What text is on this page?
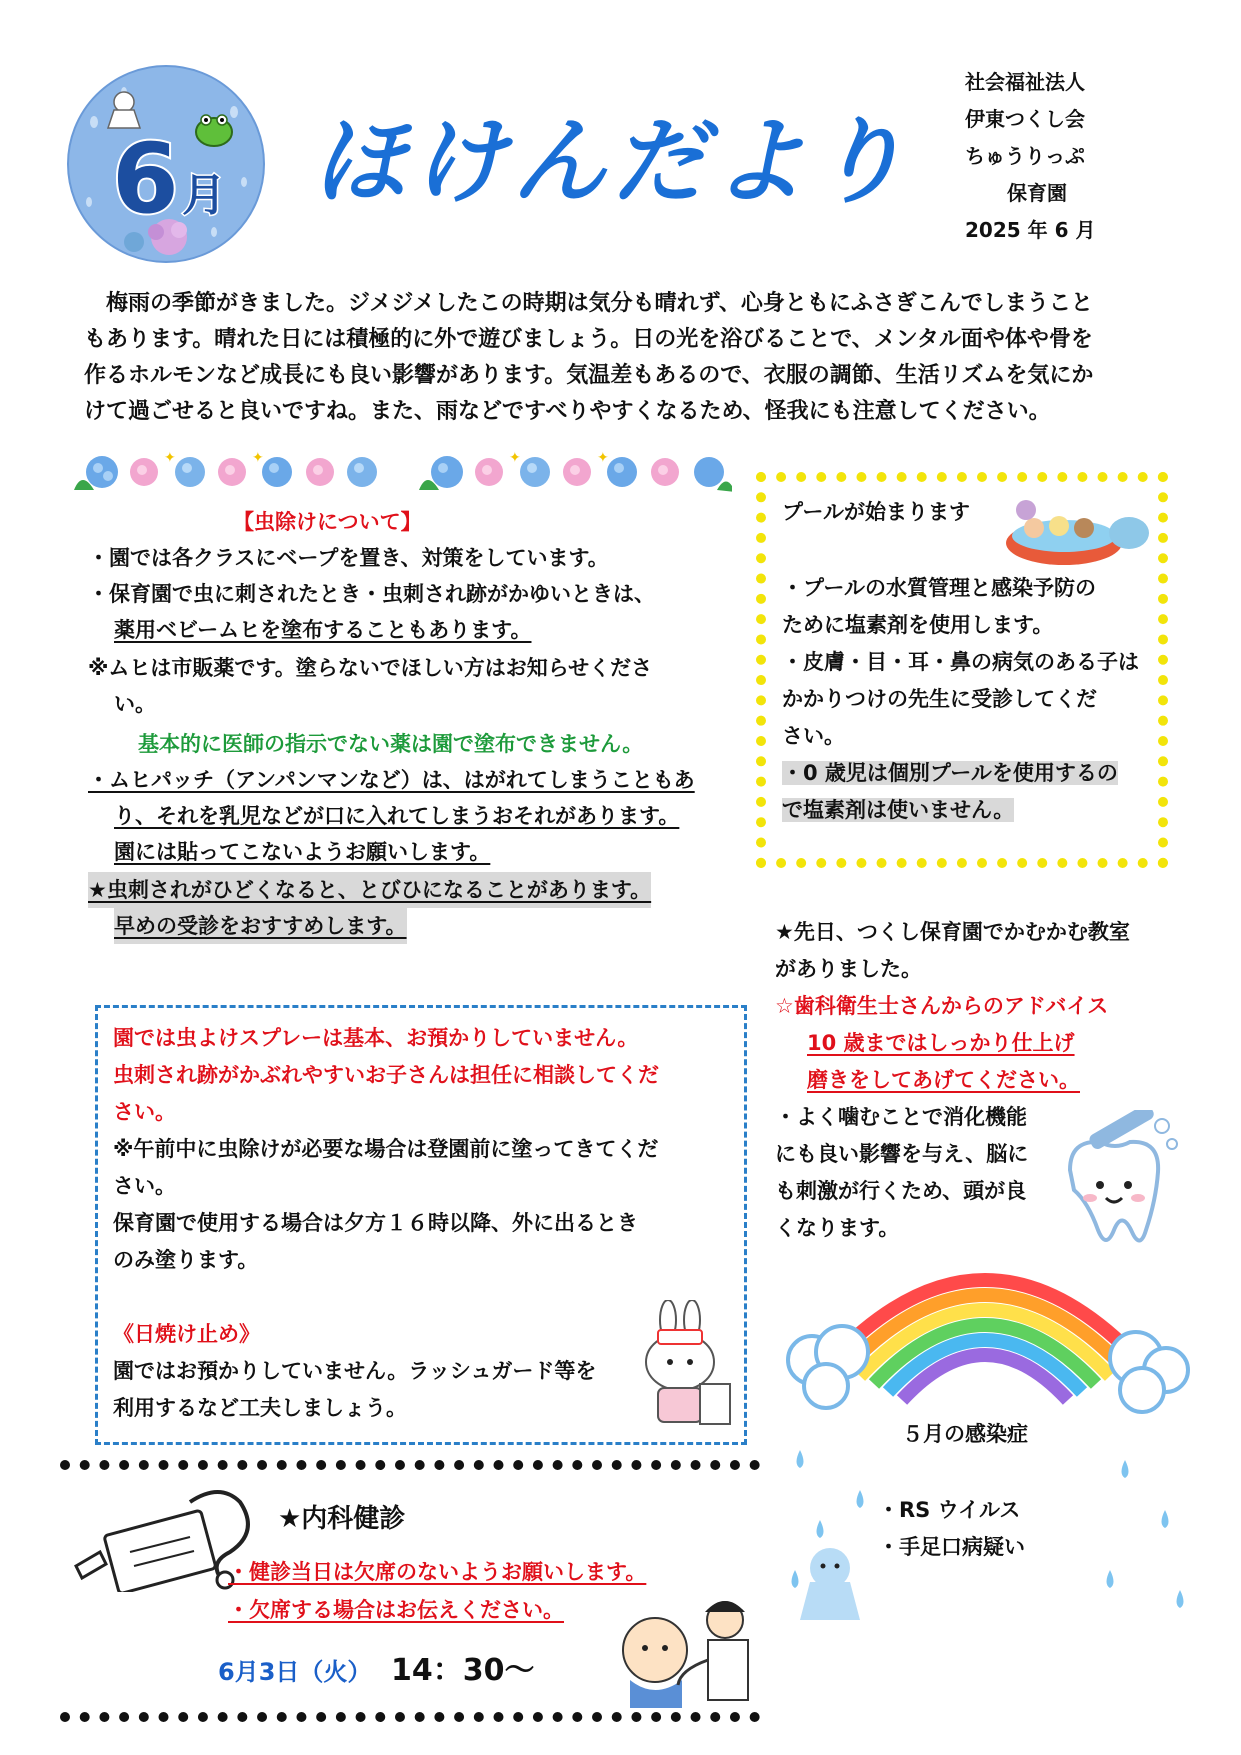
6 月 ほけんだより
社会福祉法人
伊東つくし会
ちゅうりっぷ
保育園
2025 年 6 月
　梅雨の季節がきました。ジメジメしたこの時期は気分も晴れず、心身ともにふさぎこんでしまうこと
もあります。晴れた日には積極的に外で遊びましょう。日の光を浴びることで、メンタル面や体や骨を
作るホルモンなど成長にも良い影響があります。気温差もあるので、衣服の調節、生活リズムを気にか
けて過ごせると良いですね。また、雨などですべりやすくなるため、怪我にも注意してください。
✦	✦	✦	✦
【虫除けについて】
・園では各クラスにベープを置き、対策をしています。
・保育園で虫に刺されたとき・虫刺され跡がかゆいときは、
薬用ベビームヒを塗布することもあります。
※ムヒは市販薬です。塗らないでほしい方はお知らせくださ
い。
基本的に医師の指示でない薬は園で塗布できません。
・ムヒパッチ（アンパンマンなど）は、はがれてしまうこともあ
り、それを乳児などが口に入れてしまうおそれがあります。
園には貼ってこないようお願いします。
★虫刺されがひどくなると、とびひになることがあります。
早めの受診をおすすめします。
プールが始まります
・プールの水質管理と感染予防の
ために塩素剤を使用します。
・皮膚・目・耳・鼻の病気のある子は
かかりつけの先生に受診してくだ
さい。
・0 歳児は個別プールを使用するの
で塩素剤は使いません。
★先日、つくし保育園でかむかむ教室
がありました。
☆歯科衛生士さんからのアドバイス
10 歳まではしっかり仕上げ
磨きをしてあげてください。
・よく噛むことで消化機能
にも良い影響を与え、脳に
も刺激が行くため、頭が良
くなります。
園では虫よけスプレーは基本、お預かりしていません。
虫刺され跡がかぶれやすいお子さんは担任に相談してくだ
さい。
※午前中に虫除けが必要な場合は登園前に塗ってきてくだ
さい。
保育園で使用する場合は夕方１６時以降、外に出るとき
のみ塗ります。
《日焼け止め》
園ではお預かりしていません。ラッシュガード等を
利用するなど工夫しましょう。
５月の感染症
・RS ウイルス
・手足口病疑い
★内科健診
・健診当日は欠席のないようお願いします。
・欠席する場合はお伝えください。
6月3日（火） 14：30～
